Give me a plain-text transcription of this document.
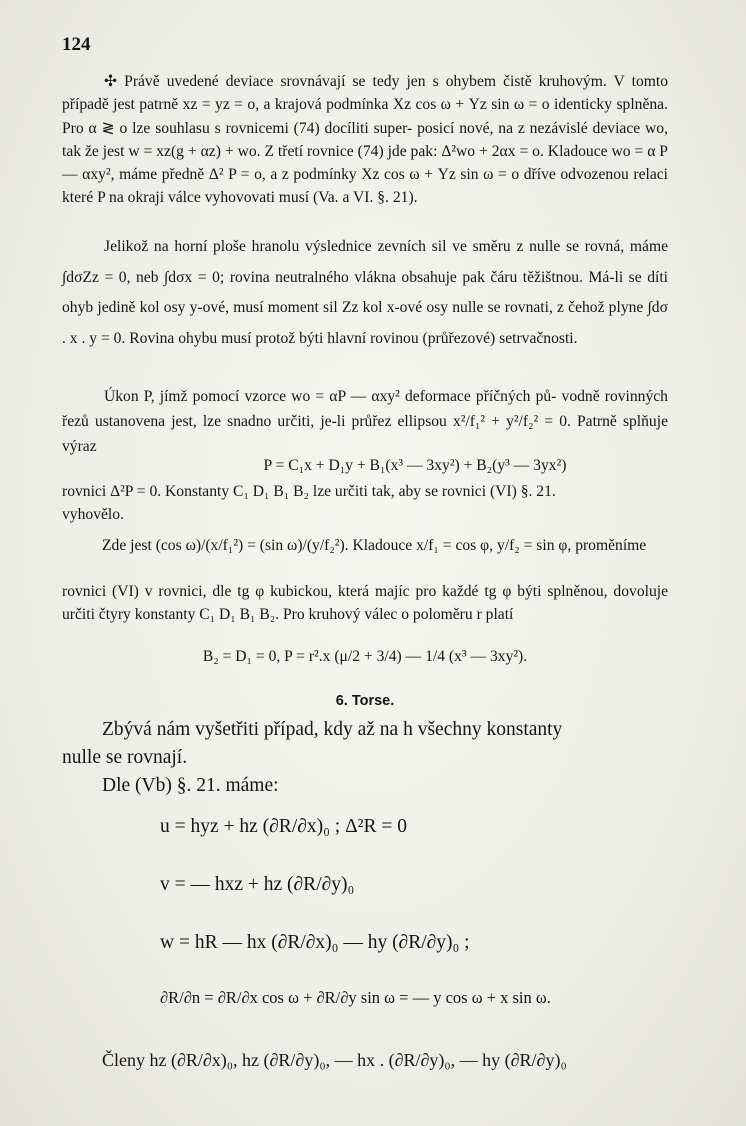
124

✣ Právě uvedené deviace srovnávají se tedy jen s ohybem čistě kruhovým. V tomto případě jest patrně xz = yz = o, a krajová podmínka Xz cos ω + Yz sin ω = o identicky splněna. Pro α ≷ o lze souhlasu s rovnicemi (74) docíliti super- posicí nové, na z nezávislé deviace wo, tak že jest w = xz(g + αz) + wo. Z třetí rovnice (74) jde pak: Δ²wo + 2αx = o. Kladouce wo = α P — αxy², máme předně Δ² P = o, a z podmínky Xz cos ω + Yz sin ω = o dříve odvozenou relaci které P na okraji válce vyhovovati musí (Va. a VI. §. 21).

Jelikož na horní ploše hranolu výslednice zevních sil ve směru z nulle se rovná, máme ∫dσZz = 0, neb ∫dσx = 0; rovina neutralného vlákna obsahuje pak čáru těžištnou. Má-li se díti ohyb jedině kol osy y-ové, musí moment sil Zz kol x-ové osy nulle se rovnati, z čehož plyne ∫dσ . x . y = 0. Rovina ohybu musí protož býti hlavní rovinou (průřezové) setrvačnosti.

Úkon P, jímž pomocí vzorce wo = αP — αxy² deformace příčných pů- vodně rovinných řezů ustanovena jest, lze snadno určiti, je-li průřez ellipsou x²/f₁² + y²/f₂² = 0. Patrně splňuje výraz

P = C₁x + D₁y + B₁(x³ — 3xy²) + B₂(y³ — 3yx²)

rovnici Δ²P = 0. Konstanty C₁ D₁ B₁ B₂ lze určiti tak, aby se rovnici (VI) §. 21.
vyhovělo.

Zde jest (cos ω)/(x/f₁²) = (sin ω)/(y/f₂²). Kladouce x/f₁ = cos φ, y/f₂ = sin φ, proměníme

rovnici (VI) v rovnici, dle tg φ kubickou, která majíc pro každé tg φ býti splněnou, dovoluje určiti čtyry konstanty C₁ D₁ B₁ B₂. Pro kruhový válec o poloměru r platí

B₂ = D₁ = 0, P = r².x (μ/2 + 3/4) — 1/4 (x³ — 3xy²).

6. Torse.

Zbývá nám vyšetřiti případ, kdy až na h všechny konstanty

nulle se rovnají.

Dle (Vb) §. 21. máme:

u = hyz + hz (∂R/∂x)₀ ; Δ²R = 0

v = — hxz + hz (∂R/∂y)₀

w = hR — hx (∂R/∂x)₀ — hy (∂R/∂y)₀ ;

∂R/∂n = ∂R/∂x cos ω + ∂R/∂y sin ω = — y cos ω + x sin ω.

Členy hz (∂R/∂x)₀, hz (∂R/∂y)₀, — hx . (∂R/∂y)₀, — hy (∂R/∂y)₀
